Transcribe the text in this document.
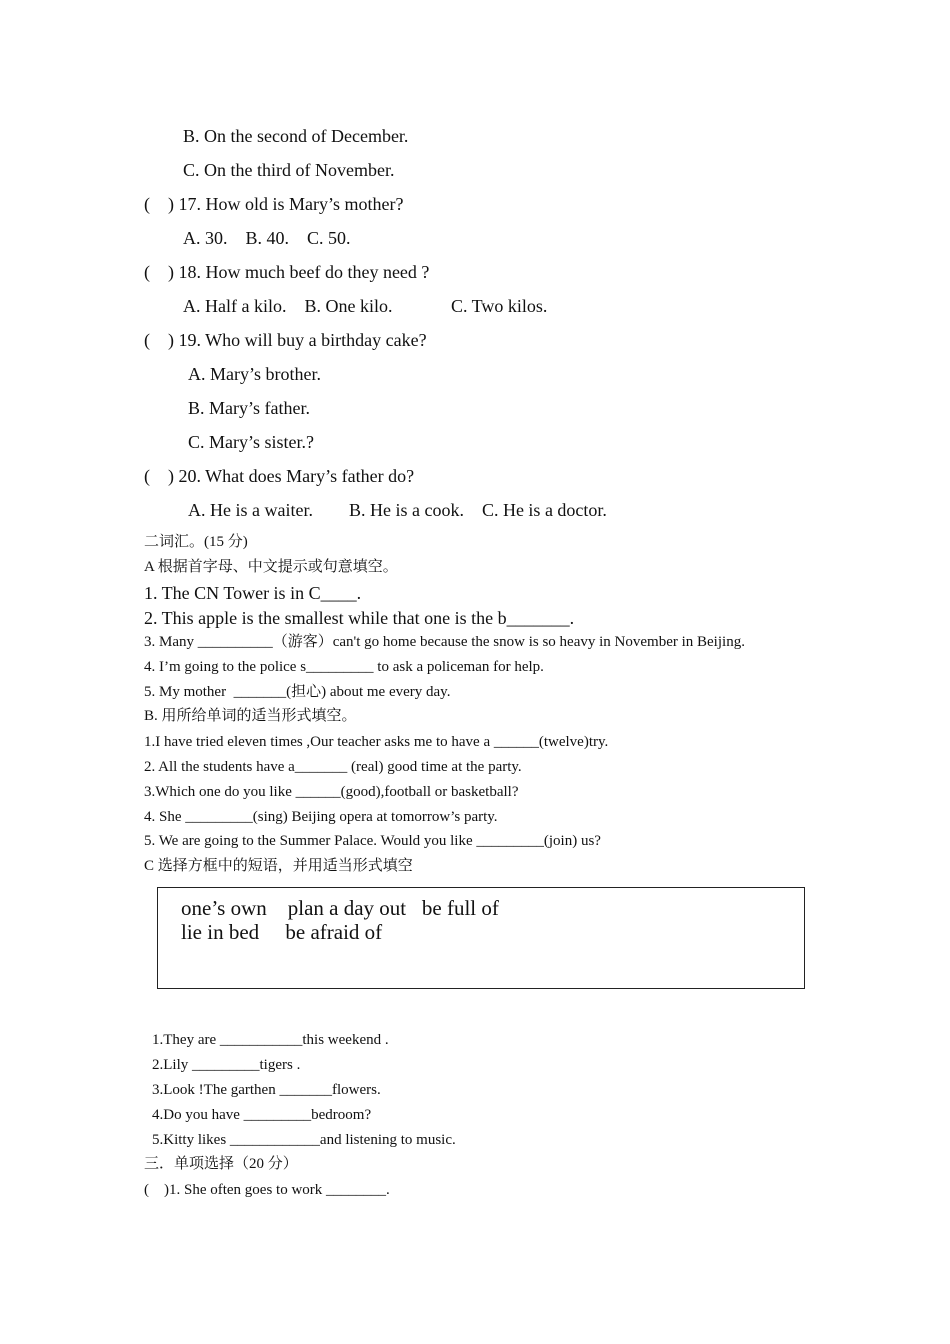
B. On the second of December.
C. On the third of November.
(    ) 17. How old is Mary’s mother?
A. 30.    B. 40.    C. 50.
(    ) 18. How much beef do they need ?
A. Half a kilo.    B. One kilo.             C. Two kilos.
(    ) 19. Who will buy a birthday cake?
A. Mary’s brother.
B. Mary’s father.
C. Mary’s sister.?
(    ) 20. What does Mary’s father do?
A. He is a waiter.        B. He is a cook.    C. He is a doctor.
二词汇。(15 分)
A 根据首字母、中文提示或句意填空。
1. The CN Tower is in C____.
2. This apple is the smallest while that one is the b_______.
3. Many __________（游客）can't go home because the snow is so heavy in November in Beijing.
4. I’m going to the police s_________ to ask a policeman for help.
5. My mother  _______(担心) about me every day.
B. 用所给单词的适当形式填空。
1.I have tried eleven times ,Our teacher asks me to have a ______(twelve)try.
2. All the students have a_______ (real) good time at the party.
3.Which one do you like ______(good),football or basketball?
4. She _________(sing) Beijing opera at tomorrow’s party.
5. We are going to the Summer Palace. Would you like _________(join) us?
C 选择方框中的短语，并用适当形式填空
one’s own    plan a day out   be full of
lie in bed     be afraid of
1.They are ___________this weekend .
2.Lily _________tigers .
3.Look !The garthen _______flowers.
4.Do you have _________bedroom?
5.Kitty likes ____________and listening to music.
三．单项选择（20 分）
(    )1. She often goes to work ________.
